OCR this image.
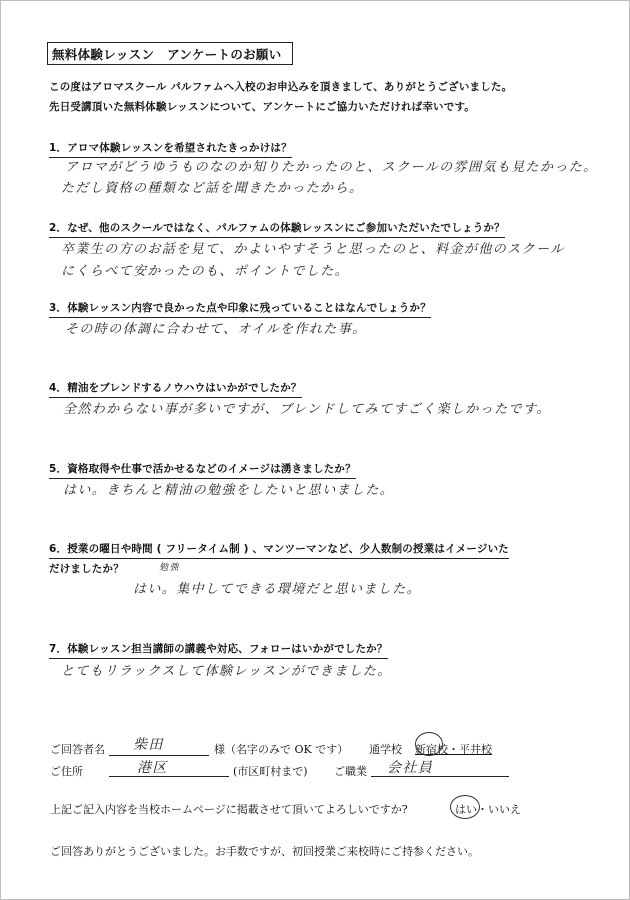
無料体験レッスン　アンケートのお願い
この度はアロマスクール パルファムへ入校のお申込みを頂きまして、ありがとうございました。
先日受講頂いた無料体験レッスンについて、アンケートにご協力いただければ幸いです。
1．アロマ体験レッスンを希望されたきっかけは？
アロマがどうゆうものなのか知りたかったのと、スクールの雰囲気も見たかった。
ただし資格の種類など話を聞きたかったから。
2．なぜ、他のスクールではなく、パルファムの体験レッスンにご参加いただいたでしょうか？
卒業生の方のお話を見て、かよいやすそうと思ったのと、料金が他のスクール
にくらべて安かったのも、ポイントでした。
3．体験レッスン内容で良かった点や印象に残っていることはなんでしょうか？
その時の体調に合わせて、オイルを作れた事。
4．精油をブレンドするノウハウはいかがでしたか？
全然わからない事が多いですが、ブレンドしてみてすごく楽しかったです。
5．資格取得や仕事で活かせるなどのイメージは湧きましたか？
はい。きちんと精油の勉強をしたいと思いました。
6．授業の曜日や時間 ( フリータイム制 ) 、マンツーマンなど、少人数制の授業はイメージいた
だけましたか？	勉強
はい。集中してできる環境だと思いました。
7．体験レッスン担当講師の講義や対応、フォローはいかがでしたか？
とてもリラックスして体験レッスンができました。
ご回答者名 柴田	様（名字のみで OK です） 通学校 新宿校・平井校
ご住所	港区	(市区町村まで) ご職業 会社員
上記ご記入内容を当校ホームページに掲載させて頂いてよろしいですか?	はい・いいえ
ご回答ありがとうございました。お手数ですが、初回授業ご来校時にご持参ください。
